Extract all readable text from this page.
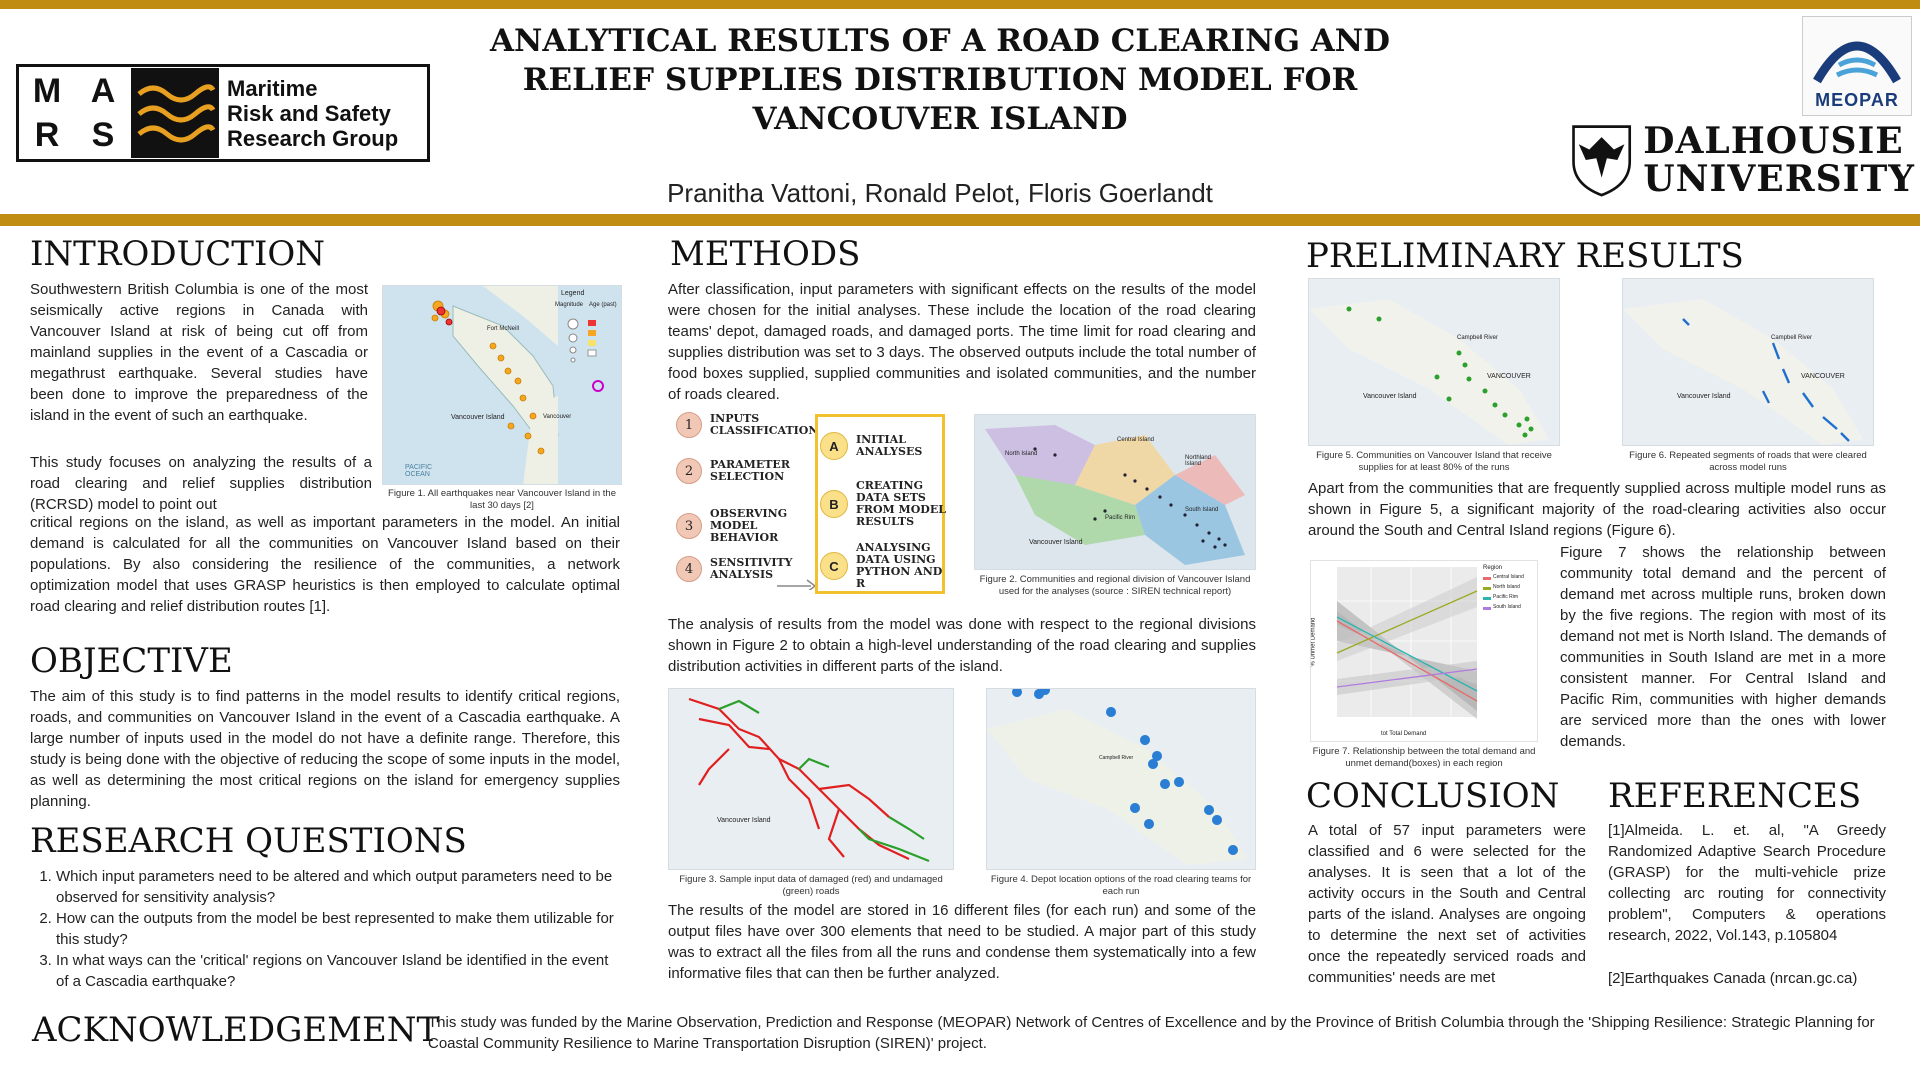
M A
R S
Maritime
Risk and Safety
Research Group
ANALYTICAL RESULTS OF A ROAD CLEARING AND RELIEF SUPPLIES DISTRIBUTION MODEL FOR VANCOUVER ISLAND
Pranitha Vattoni, Ronald Pelot, Floris Goerlandt
MEOPAR
DALHOUSIE
UNIVERSITY
INTRODUCTION
Southwestern British Columbia is one of the most seismically active regions in Canada with Vancouver Island at risk of being cut off from mainland supplies in the event of a Cascadia or megathrust earthquake. Several studies have been done to improve the preparedness of the island in the event of such an earthquake.
This study focuses on analyzing the results of a road clearing and relief supplies distribution (RCRSD) model to point out
critical regions on the island, as well as important parameters in the model. An initial demand is calculated for all the communities on Vancouver Island based on their populations. By also considering the resilience of the communities, a network optimization model that uses GRASP heuristics is then employed to calculate optimal road clearing and relief distribution routes [1].
Legend
Magnitude Age (past)
Vancouver Island
PACIFIC OCEAN
Fort McNeill
Vancouver
Figure 1. All earthquakes near Vancouver Island in the last 30 days [2]
OBJECTIVE
The aim of this study is to find patterns in the model results to identify critical regions, roads, and communities on Vancouver Island in the event of a Cascadia earthquake. A large number of inputs used in the model do not have a definite range. Therefore, this study is being done with the objective of reducing the scope of some inputs in the model, as well as determining the most critical regions on the island for emergency supplies planning.
RESEARCH QUESTIONS
1. Which input parameters need to be altered and which output parameters need to be observed for sensitivity analysis?
2. How can the outputs from the model be best represented to make them utilizable for this study?
3. In what ways can the 'critical' regions on Vancouver Island be identified in the event of a Cascadia earthquake?
ACKNOWLEDGEMENT
This study was funded by the Marine Observation, Prediction and Response (MEOPAR) Network of Centres of Excellence and by the Province of British Columbia through the 'Shipping Resilience: Strategic Planning for Coastal Community Resilience to Marine Transportation Disruption (SIREN)' project.
METHODS
After classification, input parameters with significant effects on the results of the model were chosen for the initial analyses. These include the location of the road clearing teams' depot, damaged roads, and damaged ports. The time limit for road clearing and supplies distribution was set to 3 days. The observed outputs include the total number of food boxes supplied, supplied communities and isolated communities, and the number of roads cleared.
1	INPUTS CLASSIFICATION
2	PARAMETER SELECTION
3
OBSERVING MODEL BEHAVIOR
4	SENSITIVITY ANALYSIS
A	INITIAL ANALYSES
B
CREATING DATA SETS FROM MODEL RESULTS
C
ANALYSING DATA USING PYTHON AND R
North Island
Central Island
Pacific Rim
South Island
Northland Island
Vancouver Island
Figure 2. Communities and regional division of Vancouver Island used for the analyses (source : SIREN technical report)
The analysis of results from the model was done with respect to the regional divisions shown in Figure 2 to obtain a high-level understanding of the road clearing and supplies distribution activities in different parts of the island.
Vancouver Island
Figure 3. Sample input data of damaged (red) and undamaged (green) roads
Campbell River
Figure 4. Depot location options of the road clearing teams for each run
The results of the model are stored in 16 different files (for each run) and some of the output files have over 300 elements that need to be studied. A major part of this study was to extract all the files from all the runs and condense them systematically into a few informative files that can then be further analyzed.
PRELIMINARY RESULTS
Vancouver Island
Campbell River
VANCOUVER
Figure 5. Communities on Vancouver Island that receive supplies for at least 80% of the runs
Vancouver Island
Campbell River
VANCOUVER
Figure 6. Repeated segments of roads that were cleared across model runs
Apart from the communities that are frequently supplied across multiple model runs as shown in Figure 5, a significant majority of the road-clearing activities also occur around the South and Central Island regions (Figure 6).
Region
Central Island
North Island
Pacific Rim
South Island
tot Total Demand
% Unmet Demand
Figure 7. Relationship between the total demand and unmet demand(boxes) in each region
Figure 7 shows the relationship between community total demand and the percent of demand met across multiple runs, broken down by the five regions. The region with most of its demand not met is North Island. The demands of communities in South Island are met in a more consistent manner. For Central Island and Pacific Rim, communities with higher demands are serviced more than the ones with lower demands.
CONCLUSION
A total of 57 input parameters were classified and 6 were selected for the analyses. It is seen that a lot of the activity occurs in the South and Central parts of the island. Analyses are ongoing to determine the next set of activities once the repeatedly serviced roads and communities' needs are met
REFERENCES
[1]Almeida. L. et. al, "A Greedy Randomized Adaptive Search Procedure (GRASP) for the multi-vehicle prize collecting arc routing for connectivity problem", Computers & operations research, 2022, Vol.143, p.105804
[2]Earthquakes Canada (nrcan.gc.ca)
